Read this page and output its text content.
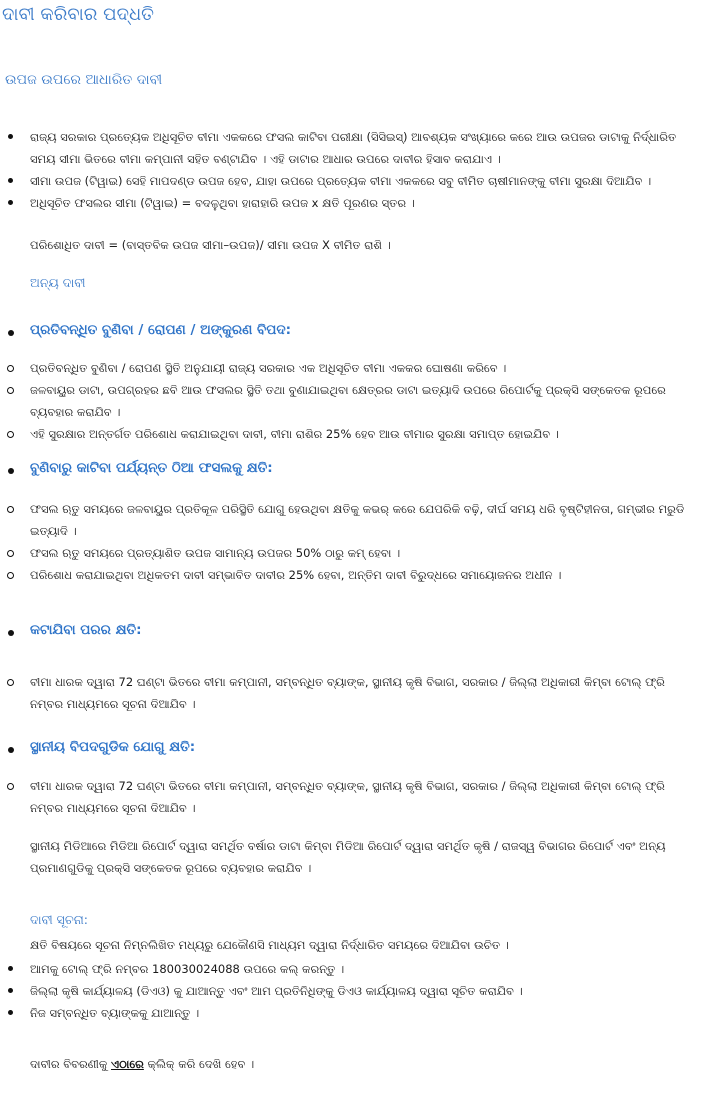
ଦାବୀ କରିବାର ପଦ୍ଧତି
ଉପଜ ଉପରେ ଆଧାରିତ ଦାବୀ
ରାଜ୍ୟ ସରକାର ପ୍ରତ୍ୟେକ ଅଧିସୂଚିତ ବୀମା ଏକକରେ ଫସଲ କାଟିବା ପରୀକ୍ଷା (ସିସିଇସ୍) ଆବଶ୍ୟକ ସଂଖ୍ୟାରେ କରେ ଆଉ ଉପଜର ଡାଟାକୁ ନିର୍ଦ୍ଧାରିତ ସମୟ ସୀମା ଭିତରେ ବୀମା କମ୍ପାନୀ ସହିତ ବଣ୍ଟାଯିବ । ଏହି ଡାଟାର ଆଧାର ଉପରେ ଦାବୀର ହିସାବ କରାଯାଏ ।
ସୀମା ଉପଜ (ଟିୱାଇ) ସେହି ମାପଦଣ୍ଡ ଉପଜ ହେବ, ଯାହା ଉପରେ ପ୍ରତ୍ୟେକ ବୀମା ଏକକରେ ସବୁ ବୀମିତ ଚାଷୀମାନଙ୍କୁ ବୀମା ସୁରକ୍ଷା ଦିଆଯିବ ।
ଅଧିସୂଚିତ ଫସଲର ସୀମା (ଟିୱାଇ) = ବଦଳୁଥିବା ହାରାହାରି ଉପଜ x କ୍ଷତି ପୂରଣର ସ୍ତର ।
ପରିଶୋଧିତ ଦାବୀ = (ବାସ୍ତବିକ ଉପଜ ସୀମା–ଉପଜ)/ ସୀମା ଉପଜ X ବୀମିତ ରାଶି ।
ଅନ୍ୟ ଦାବୀ
ପ୍ରତିବନ୍ଧିତ ବୁଣିବା / ରୋପଣ / ଅଙ୍କୁରଣ ବିପଦ:
ପ୍ରତିବନ୍ଧିତ ବୁଣିବା / ରୋପଣ ସ୍ଥିତି ଅନୁଯାୟୀ ରାଜ୍ୟ ସରକାର ଏକ ଅଧିସୂଚିତ ବୀମା ଏକକର ଘୋଷଣା କରିବେ ।
ଜଳବାୟୁର ଡାଟା, ଉପଗ୍ରହର ଛବି ଆଉ ଫସଲର ସ୍ଥିତି ତଥା ବୁଣାଯାଇଥିବା କ୍ଷେତ୍ରର ଡାଟା ଇତ୍ୟାଦି ଉପରେ ରିପୋର୍ଟକୁ ପ୍ରକ୍ସି ସଙ୍କେତକ ରୂପରେ ବ୍ୟବହାର କରାଯିବ ।
ଏହି ସୁରକ୍ଷାର ଅନ୍ତର୍ଗତ ପରିଶୋଧ କରାଯାଇଥିବା ଦାବୀ, ବୀମା ରାଶିର 25% ହେବ ଆଉ ବୀମାର ସୁରକ୍ଷା ସମାପ୍ତ ହୋଇଯିବ ।
ବୁଣିବାରୁ କାଟିବା ପର୍ଯ୍ୟନ୍ତ ଠିଆ ଫସଲକୁ କ୍ଷତି:
ଫସଲ ଋତୁ ସମୟରେ ଜଳବାୟୁର ପ୍ରତିକୂଳ ପରିସ୍ଥିତି ଯୋଗୁ ହେଉଥିବା କ୍ଷତିକୁ କଭର୍ କରେ ଯେପରିକି ବଢ଼ି, ଦୀର୍ଘ ସମୟ ଧରି ବୃଷ୍ଟିହୀନତା, ଗମ୍ଭୀର ମରୁଡି ଇତ୍ୟାଦି ।
ଫସଲ ଋତୁ ସମୟରେ ପ୍ରତ୍ୟାଶିତ ଉପଜ ସାମାନ୍ୟ ଉପଜର 50% ଠାରୁ କମ୍ ହେବା ।
ପରିଶୋଧ କରାଯାଇଥିବା ଅଧିକତମ ଦାବୀ ସମ୍ଭାବିତ ଦାବୀର 25% ହେବା, ଅନ୍ତିମ ଦାବୀ ବିରୁଦ୍ଧରେ ସମାୟୋଜନର ଅଧୀନ ।
କଟାଯିବା ପରର କ୍ଷତି:
ବୀମା ଧାରକ ଦ୍ୱାରା 72 ଘଣ୍ଟା ଭିତରେ ବୀମା କମ୍ପାନୀ, ସମ୍ବନ୍ଧିତ ବ୍ୟାଙ୍କ, ସ୍ଥାନୀୟ କୃଷି ବିଭାଗ, ସରକାର / ଜିଲ୍ଲା ଅଧିକାରୀ କିମ୍ବା ଟୋଲ୍ ଫ୍ରି ନମ୍ବର ମାଧ୍ୟମରେ ସୂଚନା ଦିଆଯିବ ।
ସ୍ଥାନୀୟ ବିପଦଗୁଡିକ ଯୋଗୁ କ୍ଷତି:
ବୀମା ଧାରକ ଦ୍ୱାରା 72 ଘଣ୍ଟା ଭିତରେ ବୀମା କମ୍ପାନୀ, ସମ୍ବନ୍ଧିତ ବ୍ୟାଙ୍କ, ସ୍ଥାନୀୟ କୃଷି ବିଭାଗ, ସରକାର / ଜିଲ୍ଲା ଅଧିକାରୀ କିମ୍ବା ଟୋଲ୍ ଫ୍ରି ନମ୍ବର ମାଧ୍ୟମରେ ସୂଚନା ଦିଆଯିବ ।
ସ୍ଥାନୀୟ ମିଡିଆରେ ମିଡିଆ ରିପୋର୍ଟ ଦ୍ୱାରା ସମର୍ଥିତ ବର୍ଷାର ଡାଟା କିମ୍ବା ମିଡିଆ ରିପୋର୍ଟ ଦ୍ୱାରା ସମର୍ଥିତ କୃଷି / ରାଜସ୍ୱ ବିଭାଗର ରିପୋର୍ଟ ଏବଂ ଅନ୍ୟ ପ୍ରମାଣଗୁଡିକୁ ପ୍ରକ୍ସି ସଙ୍କେତକ ରୂପରେ ବ୍ୟବହାର କରାଯିବ ।
ଦାବୀ ସୂଚନା:
କ୍ଷତି ବିଷୟରେ ସୂଚନା ନିମ୍ନଲିଖିତ ମଧ୍ୟରୁ ଯେକୌଣସି ମାଧ୍ୟମ ଦ୍ୱାରା ନିର୍ଦ୍ଧାରିତ ସମୟରେ ଦିଆଯିବା ଉଚିତ ।
ଆମକୁ ଟୋଲ୍ ଫ୍ରି ନମ୍ବର 180030024088 ଉପରେ କଲ୍ କରନ୍ତୁ ।
ଜିଲ୍ଲା କୃଷି କାର୍ଯ୍ୟାଳୟ (ଡିଏଓ) କୁ ଯାଆନ୍ତୁ ଏବଂ ଆମ ପ୍ରତିନିଧିଙ୍କୁ ଡିଏଓ କାର୍ଯ୍ୟାଳୟ ଦ୍ୱାରା ସୂଚିତ କରାଯିବ ।
ନିଜ ସମ୍ବନ୍ଧିତ ବ୍ୟାଙ୍କକୁ ଯାଆନ୍ତୁ ।
ଦାବୀର ବିବରଣୀକୁ ଏଠାରେ କ୍ଲିକ୍ କରି ଦେଖି ହେବ ।
